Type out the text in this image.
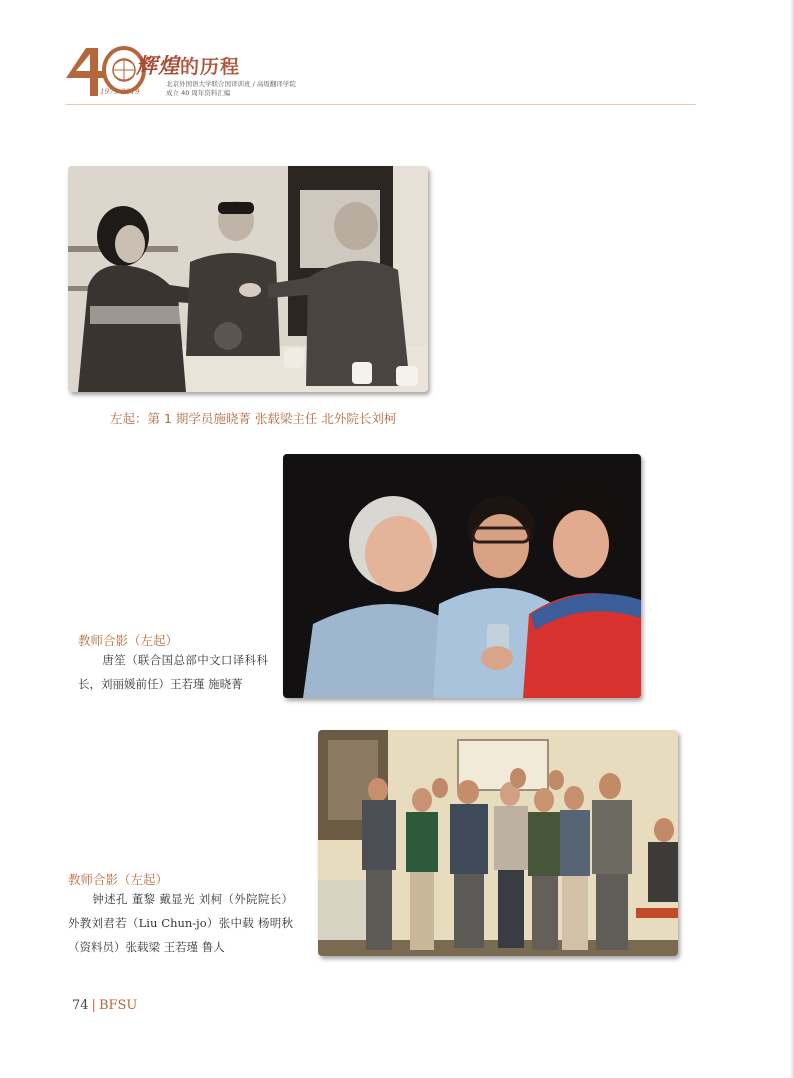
1979-2019
辉煌的历程
北京外国语大学联合国译训班 / 高级翻译学院
成立 40 周年资料汇编
左起：第 1 期学员施晓菁 张载梁主任 北外院长刘柯
教师合影（左起）
唐笙（联合国总部中文口译科科长，刘丽媛前任）王若瑾 施晓菁
教师合影（左起）
钟述孔 董黎 戴显光 刘柯（外院院长）外教刘君若（Liu Chun-jo）张中载 杨明秋（资料员）张载梁 王若瑾 鲁人
74 | BFSU
